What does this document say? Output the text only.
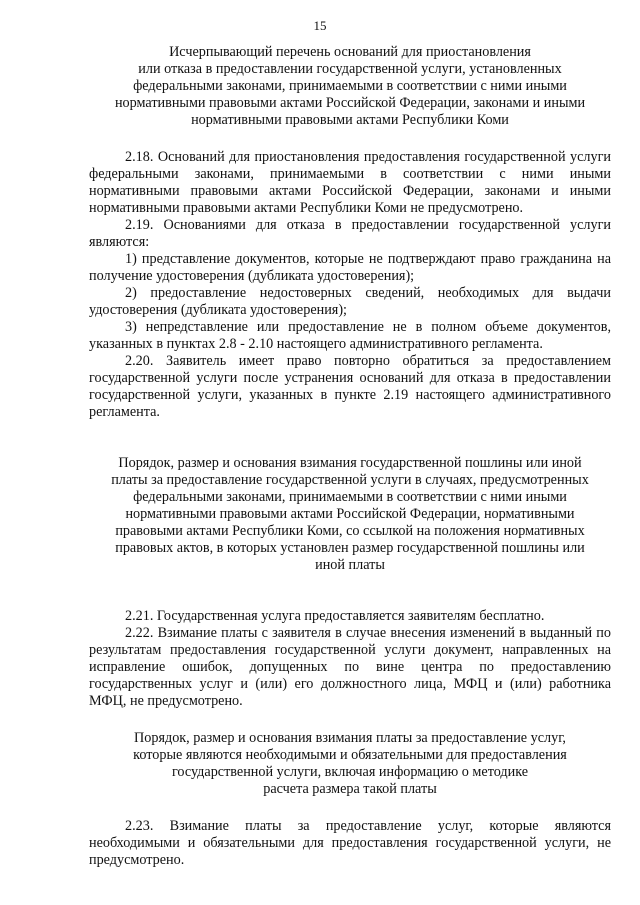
15
Исчерпывающий перечень оснований для приостановления
или отказа в предоставлении государственной услуги, установленных
федеральными законами, принимаемыми в соответствии с ними иными
нормативными правовыми актами Российской Федерации, законами и иными
нормативными правовыми актами Республики Коми

2.18. Оснований для приостановления предоставления государственной услуги федеральными законами, принимаемыми в соответствии с ними иными нормативными правовыми актами Российской Федерации, законами и иными нормативными правовыми актами Республики Коми не предусмотрено.

2.19. Основаниями для отказа в предоставлении государственной услуги являются:

1) представление документов, которые не подтверждают право гражданина на получение удостоверения (дубликата удостоверения);

2) предоставление недостоверных сведений, необходимых для выдачи удостоверения (дубликата удостоверения);

3) непредставление или предоставление не в полном объеме документов, указанных в пунктах 2.8 - 2.10 настоящего административного регламента.

2.20. Заявитель имеет право повторно обратиться за предоставлением государственной услуги после устранения оснований для отказа в предоставлении государственной услуги, указанных в пункте 2.19 настоящего административного регламента.

Порядок, размер и основания взимания государственной пошлины или иной
платы за предоставление государственной услуги в случаях, предусмотренных
федеральными законами, принимаемыми в соответствии с ними иными
нормативными правовыми актами Российской Федерации, нормативными
правовыми актами Республики Коми, со ссылкой на положения нормативных
правовых актов, в которых установлен размер государственной пошлины или
иной платы

2.21. Государственная услуга предоставляется заявителям бесплатно.

2.22. Взимание платы с заявителя в случае внесения изменений в выданный по результатам предоставления государственной услуги документ, направленных на исправление ошибок, допущенных по вине центра по предоставлению государственных услуг и (или) его должностного лица, МФЦ и (или) работника МФЦ, не предусмотрено.

Порядок, размер и основания взимания платы за предоставление услуг,
которые являются необходимыми и обязательными для предоставления
государственной услуги, включая информацию о методике
расчета размера такой платы

2.23. Взимание платы за предоставление услуг, которые являются необходимыми и обязательными для предоставления государственной услуги, не предусмотрено.
